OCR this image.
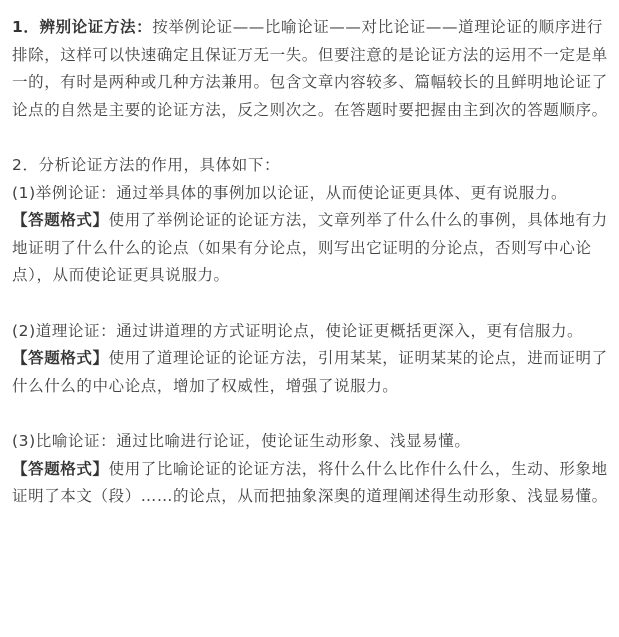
1．辨别论证方法：按举例论证——比喻论证——对比论证——道理论证的顺序进行排除，这样可以快速确定且保证万无一失。但要注意的是论证方法的运用不一定是单一的，有时是两种或几种方法兼用。包含文章内容较多、篇幅较长的且鲜明地论证了论点的自然是主要的论证方法，反之则次之。在答题时要把握由主到次的答题顺序。

2．分析论证方法的作用，具体如下：

(1)举例论证：通过举具体的事例加以论证，从而使论证更具体、更有说服力。

【答题格式】使用了举例论证的论证方法，文章列举了什么什么的事例，具体地有力地证明了什么什么的论点（如果有分论点，则写出它证明的分论点，否则写中心论点），从而使论证更具说服力。

(2)道理论证：通过讲道理的方式证明论点，使论证更概括更深入，更有信服力。

【答题格式】使用了道理论证的论证方法，引用某某，证明某某的论点，进而证明了什么什么的中心论点，增加了权威性，增强了说服力。

(3)比喻论证：通过比喻进行论证，使论证生动形象、浅显易懂。

【答题格式】使用了比喻论证的论证方法，将什么什么比作什么什么，生动、形象地证明了本文（段）……的论点，从而把抽象深奥的道理阐述得生动形象、浅显易懂。
